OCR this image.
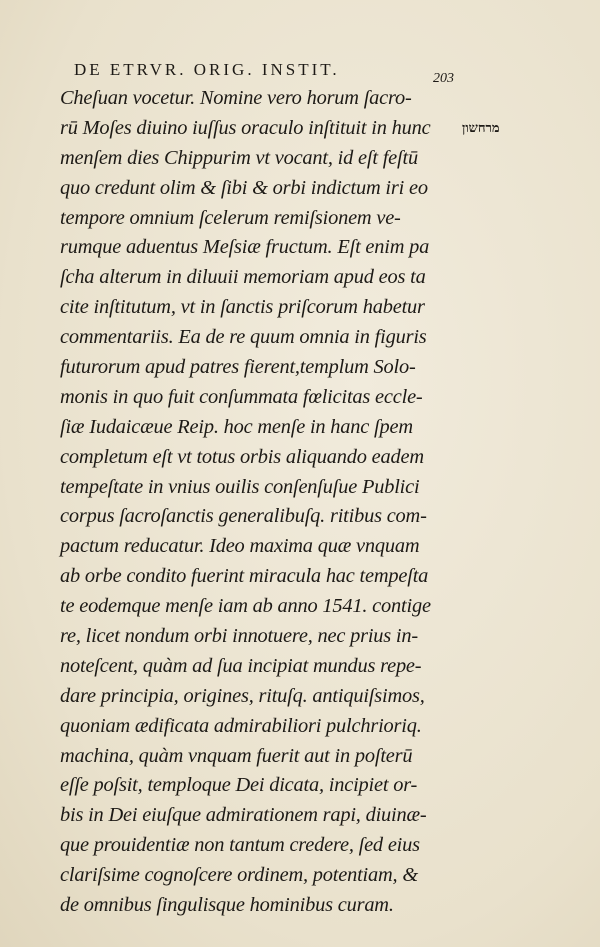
DE ETRVR. ORIG. INSTIT.	203
מרחשון
Cheſuan vocetur. Nomine vero horum ſacro-
rū Moſes diuino iuſſus oraculo inſtituit in hunc
menſem dies Chippurim vt vocant, id eſt feſtū
quo credunt olim & ſibi & orbi indictum iri eo
tempore omnium ſcelerum remiſsionem ve-
rumque aduentus Meſsiæ fructum. Eſt enim pa
ſcha alterum in diluuii memoriam apud eos ta
cite inſtitutum, vt in ſanctis priſcorum habetur
commentariis. Ea de re quum omnia in figuris
futurorum apud patres fierent,templum Solo-
monis in quo fuit conſummata fœlicitas eccle-
ſiæ Iudaicæue Reip. hoc menſe in hanc ſpem
completum eſt vt totus orbis aliquando eadem
tempeſtate in vnius ouilis conſenſuſue Publici
corpus ſacroſanctis generalibuſq. ritibus com-
pactum reducatur. Ideo maxima quæ vnquam
ab orbe condito fuerint miracula hac tempeſta
te eodemque menſe iam ab anno 1541. contige
re, licet nondum orbi innotuere, nec prius in-
noteſcent, quàm ad ſua incipiat mundus repe-
dare principia, origines, rituſq. antiquiſsimos,
quoniam ædificata admirabiliori pulchrioriq.
machina, quàm vnquam fuerit aut in poſterū
eſſe poſsit, temploque Dei dicata, incipiet or-
bis in Dei eiuſque admirationem rapi, diuinæ-
que prouidentiæ non tantum credere, ſed eius
clariſsime cognoſcere ordinem, potentiam, &
de omnibus ſingulisque hominibus curam.
